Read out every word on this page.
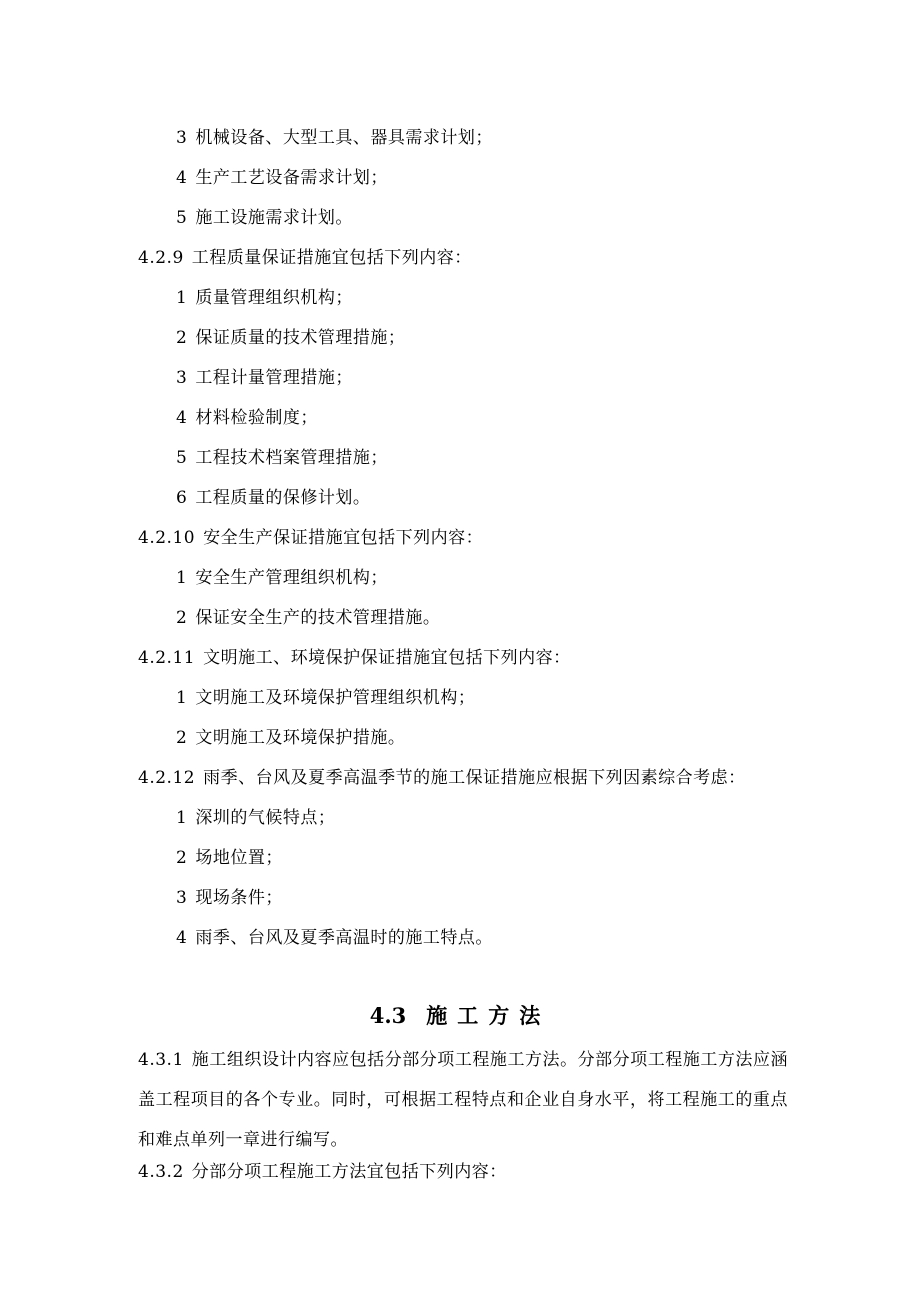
3 机械设备、大型工具、器具需求计划；
4 生产工艺设备需求计划；
5 施工设施需求计划。
4.2.9 工程质量保证措施宜包括下列内容：
1 质量管理组织机构；
2 保证质量的技术管理措施；
3 工程计量管理措施；
4 材料检验制度；
5 工程技术档案管理措施；
6 工程质量的保修计划。
4.2.10 安全生产保证措施宜包括下列内容：
1 安全生产管理组织机构；
2 保证安全生产的技术管理措施。
4.2.11 文明施工、环境保护保证措施宜包括下列内容：
1 文明施工及环境保护管理组织机构；
2 文明施工及环境保护措施。
4.2.12 雨季、台风及夏季高温季节的施工保证措施应根据下列因素综合考虑：
1 深圳的气候特点；
2 场地位置；
3 现场条件；
4 雨季、台风及夏季高温时的施工特点。
4.3 施工方法
4.3.1 施工组织设计内容应包括分部分项工程施工方法。分部分项工程施工方法应涵盖工程项目的各个专业。同时，可根据工程特点和企业自身水平，将工程施工的重点和难点单列一章进行编写。
4.3.2 分部分项工程施工方法宜包括下列内容：
